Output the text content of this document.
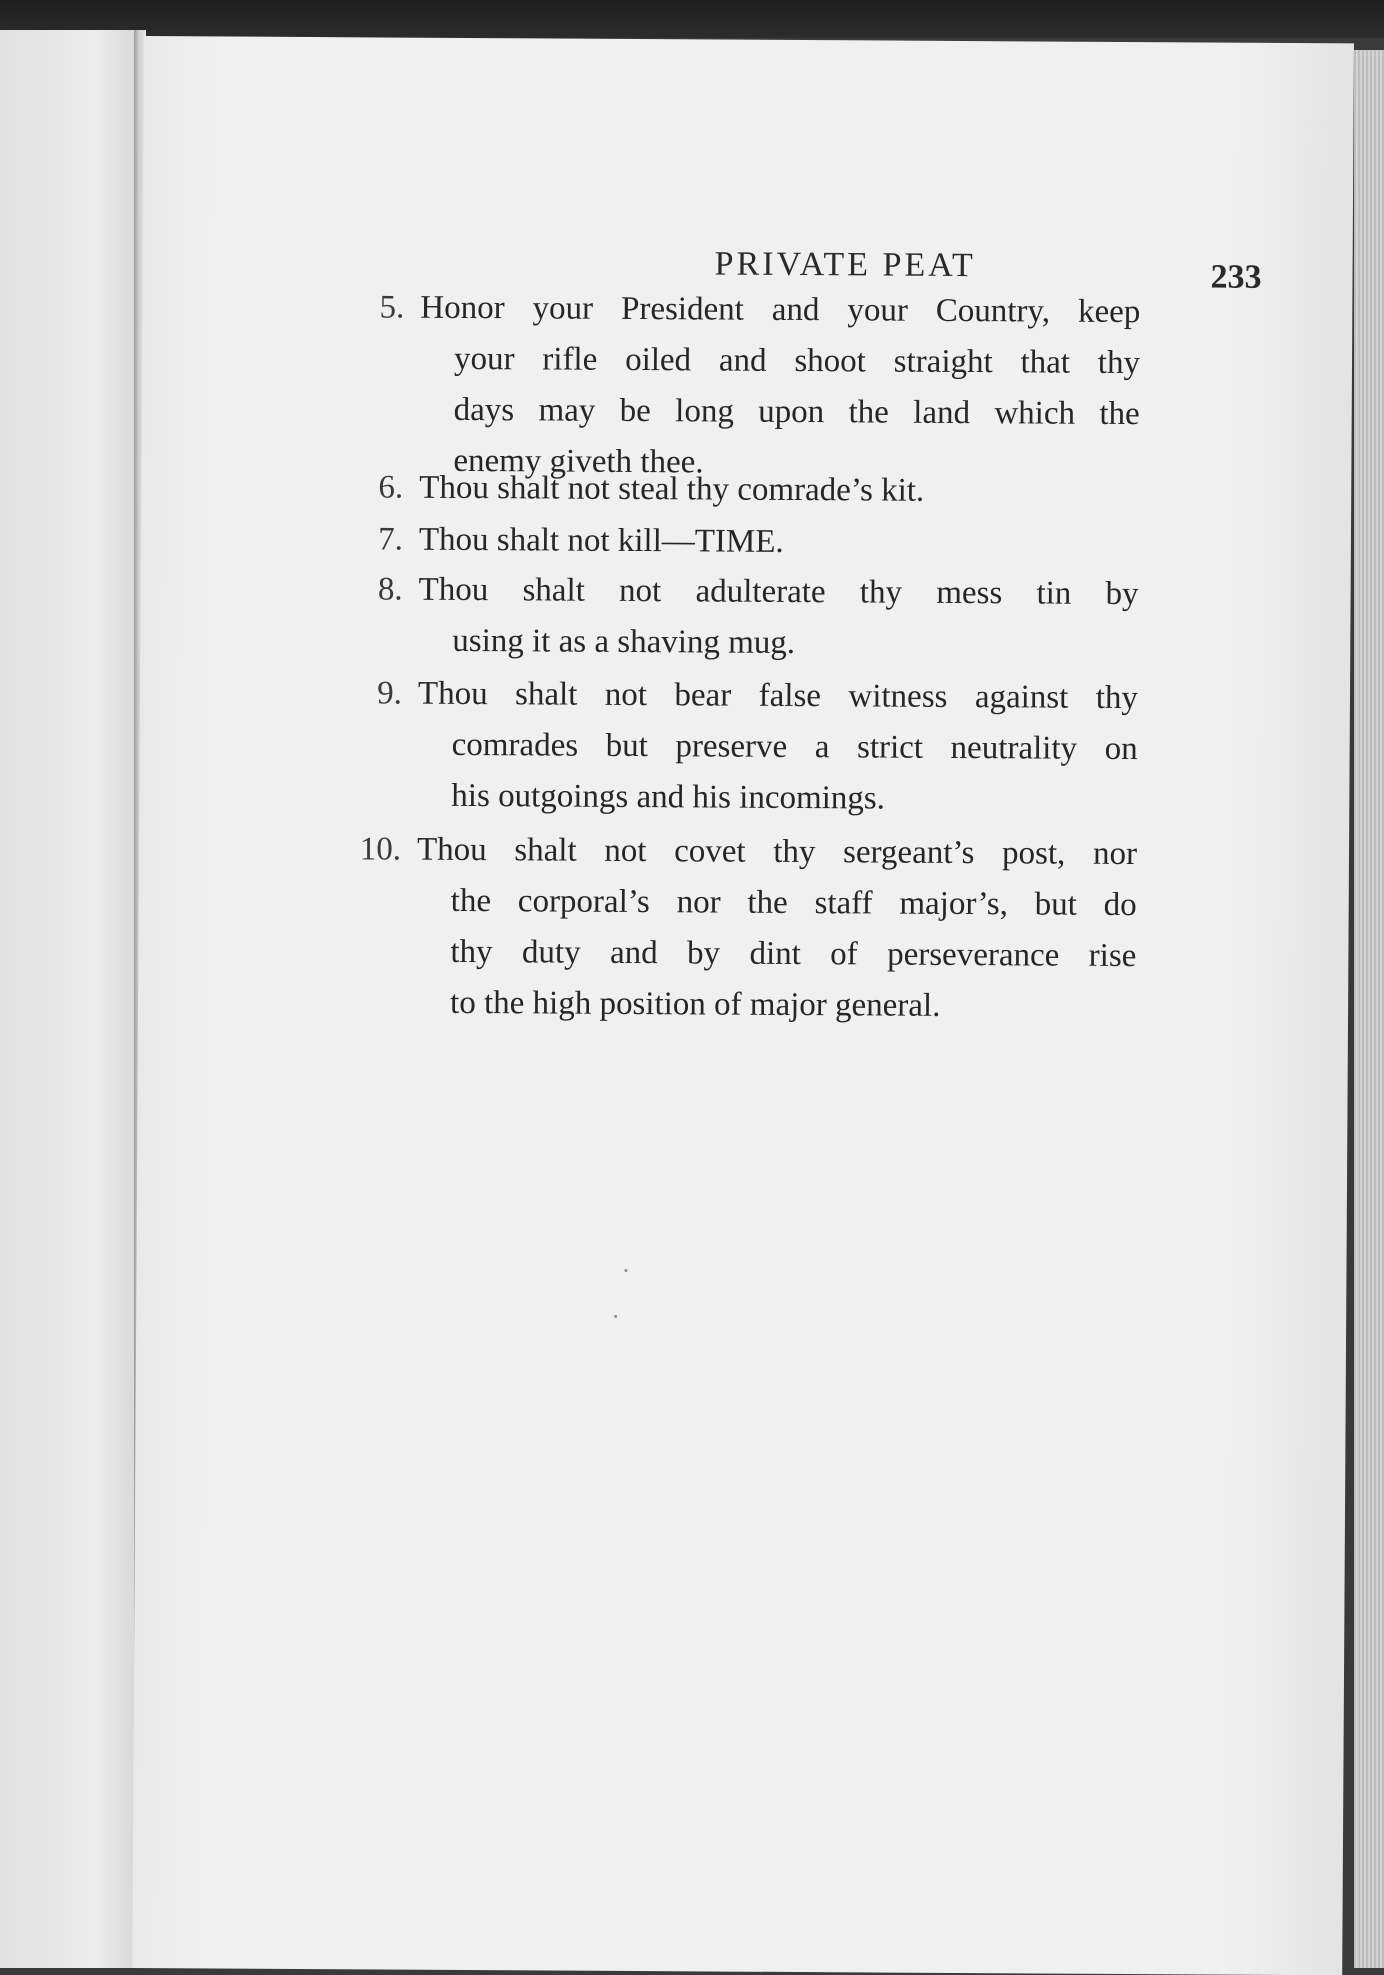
PRIVATE PEAT	233
5. Honor your President and your Country, keep
your rifle oiled and shoot straight that thy
days may be long upon the land which the
enemy giveth thee.
6. Thou shalt not steal thy comrade’s kit.
7. Thou shalt not kill—TIME.
8. Thou shalt not adulterate thy mess tin by
using it as a shaving mug.
9. Thou shalt not bear false witness against thy
comrades but preserve a strict neutrality on
his outgoings and his incomings.
10. Thou shalt not covet thy sergeant’s post, nor
the corporal’s nor the staff major’s, but do
thy duty and by dint of perseverance rise
to the high position of major general.
